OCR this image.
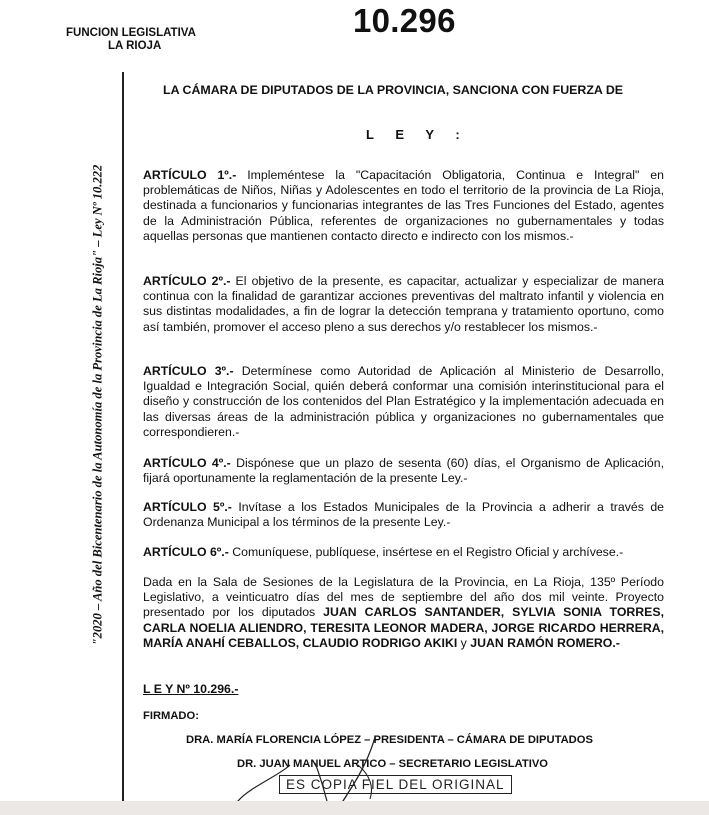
FUNCION LEGISLATIVA
LA RIOJA
10.296
"2020 – Año del Bicentenario de la Autonomía de la Provincia de La Rioja" – Ley Nº 10.222
LA CÁMARA DE DIPUTADOS DE LA PROVINCIA, SANCIONA CON FUERZA DE
L E Y :
ARTÍCULO 1º.- Impleméntese la "Capacitación Obligatoria, Continua e Integral" en problemáticas de Niños, Niñas y Adolescentes en todo el territorio de la provincia de La Rioja, destinada a funcionarios y funcionarias integrantes de las Tres Funciones del Estado, agentes de la Administración Pública, referentes de organizaciones no gubernamentales y todas aquellas personas que mantienen contacto directo e indirecto con los mismos.-
ARTÍCULO 2º.- El objetivo de la presente, es capacitar, actualizar y especializar de manera continua con la finalidad de garantizar acciones preventivas del maltrato infantil y violencia en sus distintas modalidades, a fin de lograr la detección temprana y tratamiento oportuno, como así también, promover el acceso pleno a sus derechos y/o restablecer los mismos.-
ARTÍCULO 3º.- Determínese como Autoridad de Aplicación al Ministerio de Desarrollo, Igualdad e Integración Social, quién deberá conformar una comisión interinstitucional para el diseño y construcción de los contenidos del Plan Estratégico y la implementación adecuada en las diversas áreas de la administración pública y organizaciones no gubernamentales que correspondieren.-
ARTÍCULO 4º.- Dispónese que un plazo de sesenta (60) días, el Organismo de Aplicación, fijará oportunamente la reglamentación de la presente Ley.-
ARTÍCULO 5º.- Invítase a los Estados Municipales de la Provincia a adherir a través de Ordenanza Municipal a los términos de la presente Ley.-
ARTÍCULO 6º.- Comuníquese, publíquese, insértese en el Registro Oficial y archívese.-
Dada en la Sala de Sesiones de la Legislatura de la Provincia, en La Rioja, 135º Período Legislativo, a veinticuatro días del mes de septiembre del año dos mil veinte. Proyecto presentado por los diputados JUAN CARLOS SANTANDER, SYLVIA SONIA TORRES, CARLA NOELIA ALIENDRO, TERESITA LEONOR MADERA, JORGE RICARDO HERRERA, MARÍA ANAHÍ CEBALLOS, CLAUDIO RODRIGO AKIKI y JUAN RAMÓN ROMERO.-
L E Y Nº 10.296.-
FIRMADO:
DRA. MARÍA FLORENCIA LÓPEZ – PRESIDENTA – CÁMARA DE DIPUTADOS
DR. JUAN MANUEL ARTICO – SECRETARIO LEGISLATIVO
ES COPIA FIEL DEL ORIGINAL
